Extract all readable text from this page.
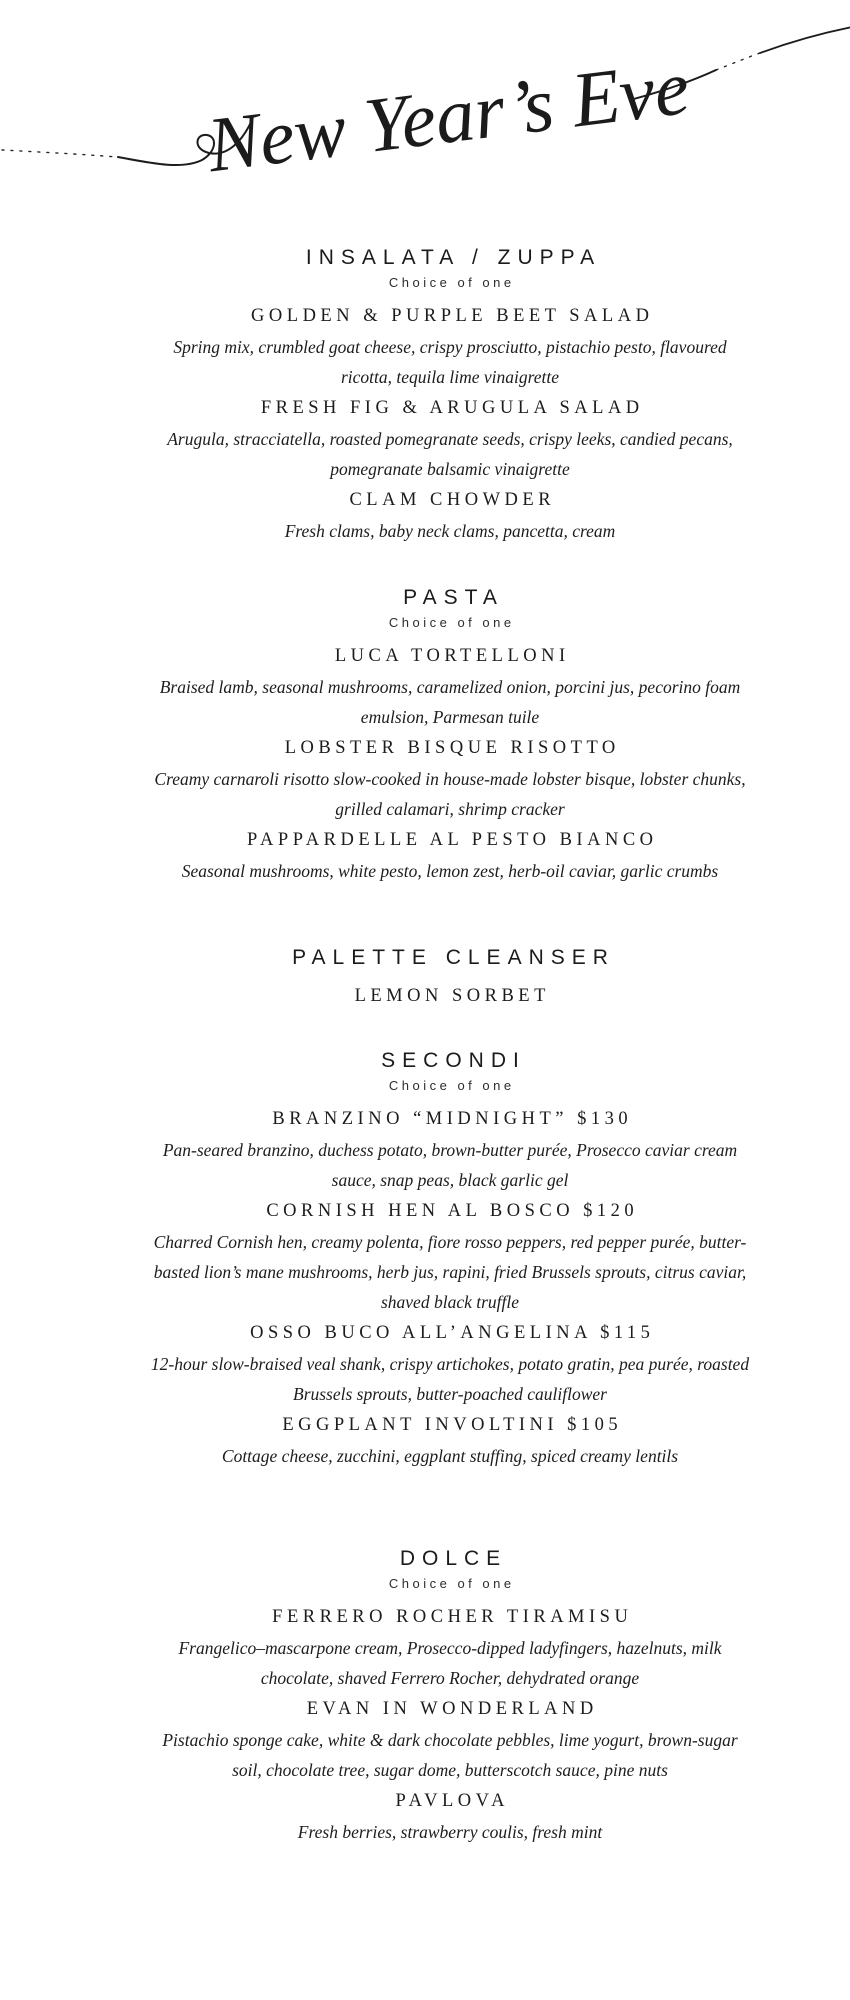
New Year’s Eve
INSALATA / ZUPPA
Choice of one
GOLDEN & PURPLE BEET SALAD

Spring mix, crumbled goat cheese, crispy prosciutto, pistachio pesto, flavoured ricotta, tequila lime vinaigrette

FRESH FIG & ARUGULA SALAD

Arugula, stracciatella, roasted pomegranate seeds, crispy leeks, candied pecans, pomegranate balsamic vinaigrette

CLAM CHOWDER

Fresh clams, baby neck clams, pancetta, cream

PASTA
Choice of one
LUCA TORTELLONI

Braised lamb, seasonal mushrooms, caramelized onion, porcini jus, pecorino foam emulsion, Parmesan tuile

LOBSTER BISQUE RISOTTO

Creamy carnaroli risotto slow-cooked in house-made lobster bisque, lobster chunks, grilled calamari, shrimp cracker

PAPPARDELLE AL PESTO BIANCO

Seasonal mushrooms, white pesto, lemon zest, herb-oil caviar, garlic crumbs

PALETTE CLEANSER
LEMON SORBET
SECONDI
Choice of one
BRANZINO “MIDNIGHT” $130

Pan-seared branzino, duchess potato, brown-butter purée, Prosecco caviar cream sauce, snap peas, black garlic gel

CORNISH HEN AL BOSCO $120

Charred Cornish hen, creamy polenta, fiore rosso peppers, red pepper purée, butter-basted lion’s mane mushrooms, herb jus, rapini, fried Brussels sprouts, citrus caviar, shaved black truffle

OSSO BUCO ALL’ANGELINA $115

12-hour slow-braised veal shank, crispy artichokes, potato gratin, pea purée, roasted Brussels sprouts, butter-poached cauliflower

EGGPLANT INVOLTINI $105

Cottage cheese, zucchini, eggplant stuffing, spiced creamy lentils

DOLCE
Choice of one
FERRERO ROCHER TIRAMISU

Frangelico–mascarpone cream, Prosecco-dipped ladyfingers, hazelnuts, milk chocolate, shaved Ferrero Rocher, dehydrated orange

EVAN IN WONDERLAND

Pistachio sponge cake, white & dark chocolate pebbles, lime yogurt, brown-sugar soil, chocolate tree, sugar dome, butterscotch sauce, pine nuts

PAVLOVA

Fresh berries, strawberry coulis, fresh mint
